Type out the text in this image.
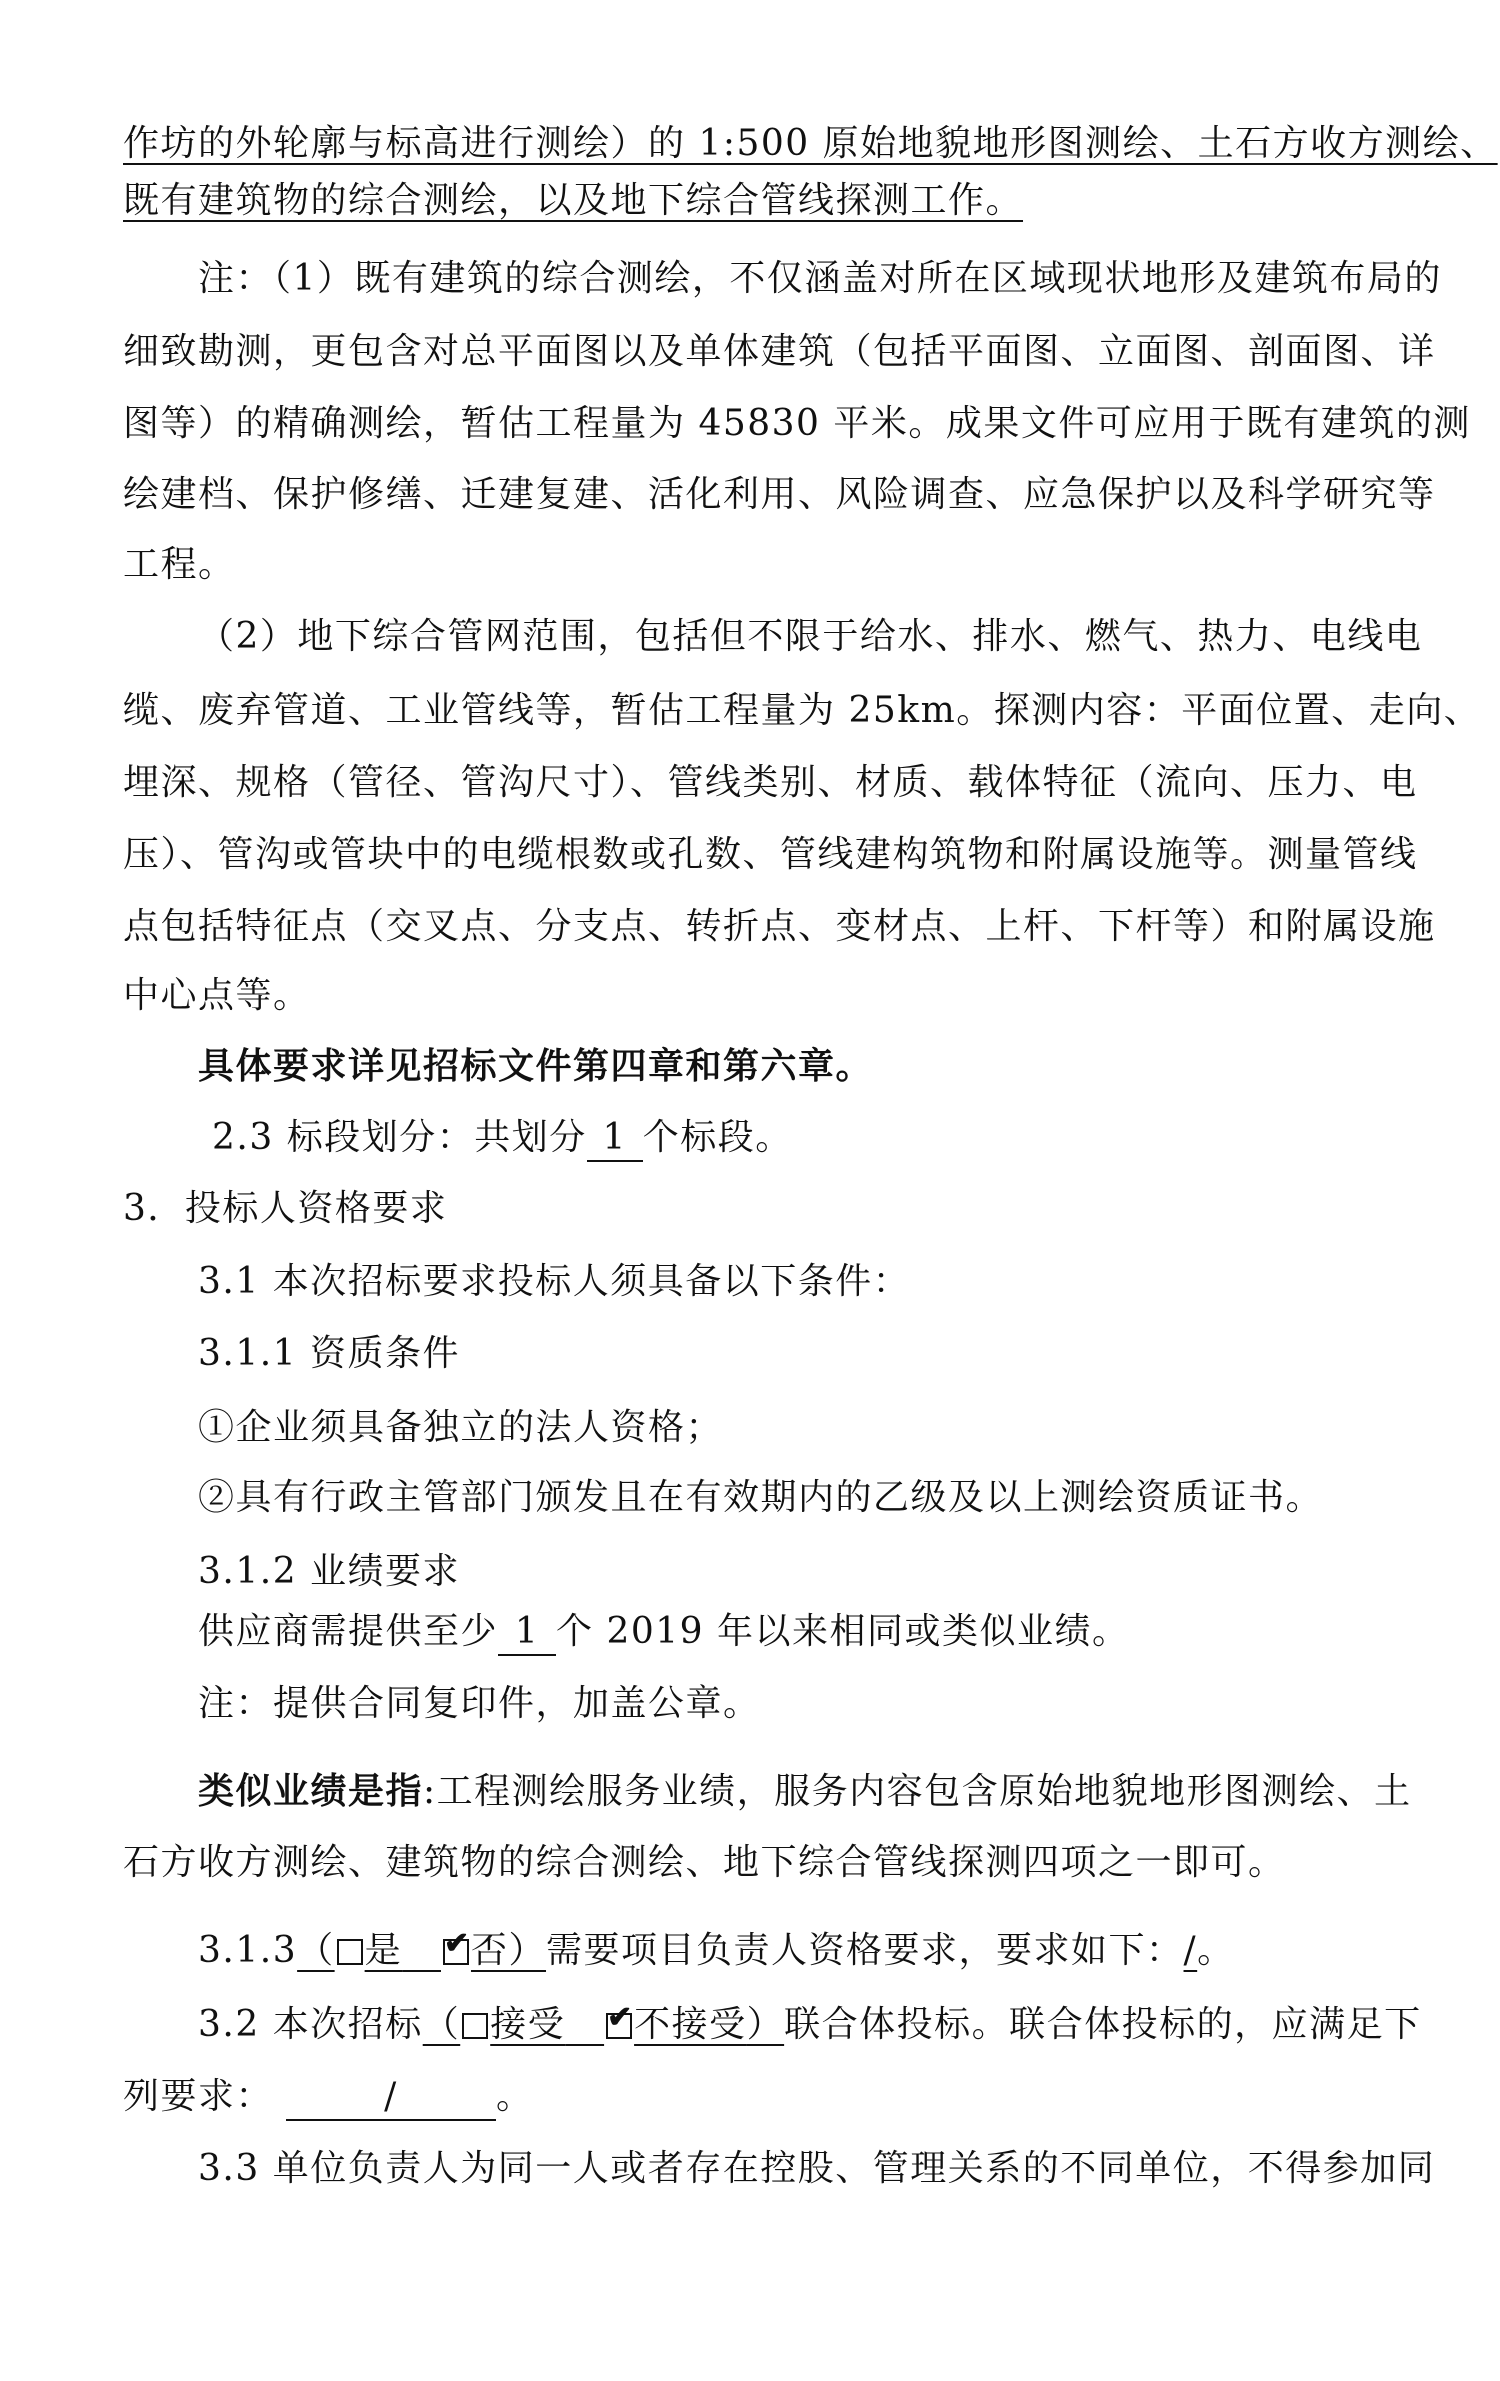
作坊的外轮廓与标高进行测绘）的 1:500 原始地貌地形图测绘、土石方收方测绘、
既有建筑物的综合测绘，以及地下综合管线探测工作。
注：（1）既有建筑的综合测绘，不仅涵盖对所在区域现状地形及建筑布局的
细致勘测，更包含对总平面图以及单体建筑（包括平面图、立面图、剖面图、详
图等）的精确测绘，暂估工程量为 45830 平米。成果文件可应用于既有建筑的测
绘建档、保护修缮、迁建复建、活化利用、风险调查、应急保护以及科学研究等
工程。
（2）地下综合管网范围，包括但不限于给水、排水、燃气、热力、电线电
缆、废弃管道、工业管线等，暂估工程量为 25km。探测内容：平面位置、走向、
埋深、规格（管径、管沟尺寸）、管线类别、材质、载体特征（流向、压力、电
压）、管沟或管块中的电缆根数或孔数、管线建构筑物和附属设施等。测量管线
点包括特征点（交叉点、分支点、转折点、变材点、上杆、下杆等）和附属设施
中心点等。
具体要求详见招标文件第四章和第六章。
2.3 标段划分：共划分 1 个标段。
3．投标人资格要求
3.1 本次招标要求投标人须具备以下条件：
3.1.1 资质条件
①企业须具备独立的法人资格；
②具有行政主管部门颁发且在有效期内的乙级及以上测绘资质证书。
3.1.2 业绩要求
供应商需提供至少 1 个 2019 年以来相同或类似业绩。
注：提供合同复印件，加盖公章。
类似业绩是指:工程测绘服务业绩，服务内容包含原始地貌地形图测绘、土
石方收方测绘、建筑物的综合测绘、地下综合管线探测四项之一即可。
3.1.3（ 是 ✔ 否）需要项目负责人资格要求，要求如下：/。
3.2 本次招标（ 接受 ✔ 不接受）联合体投标。联合体投标的，应满足下
列要求：	/	。
3.3 单位负责人为同一人或者存在控股、管理关系的不同单位，不得参加同
